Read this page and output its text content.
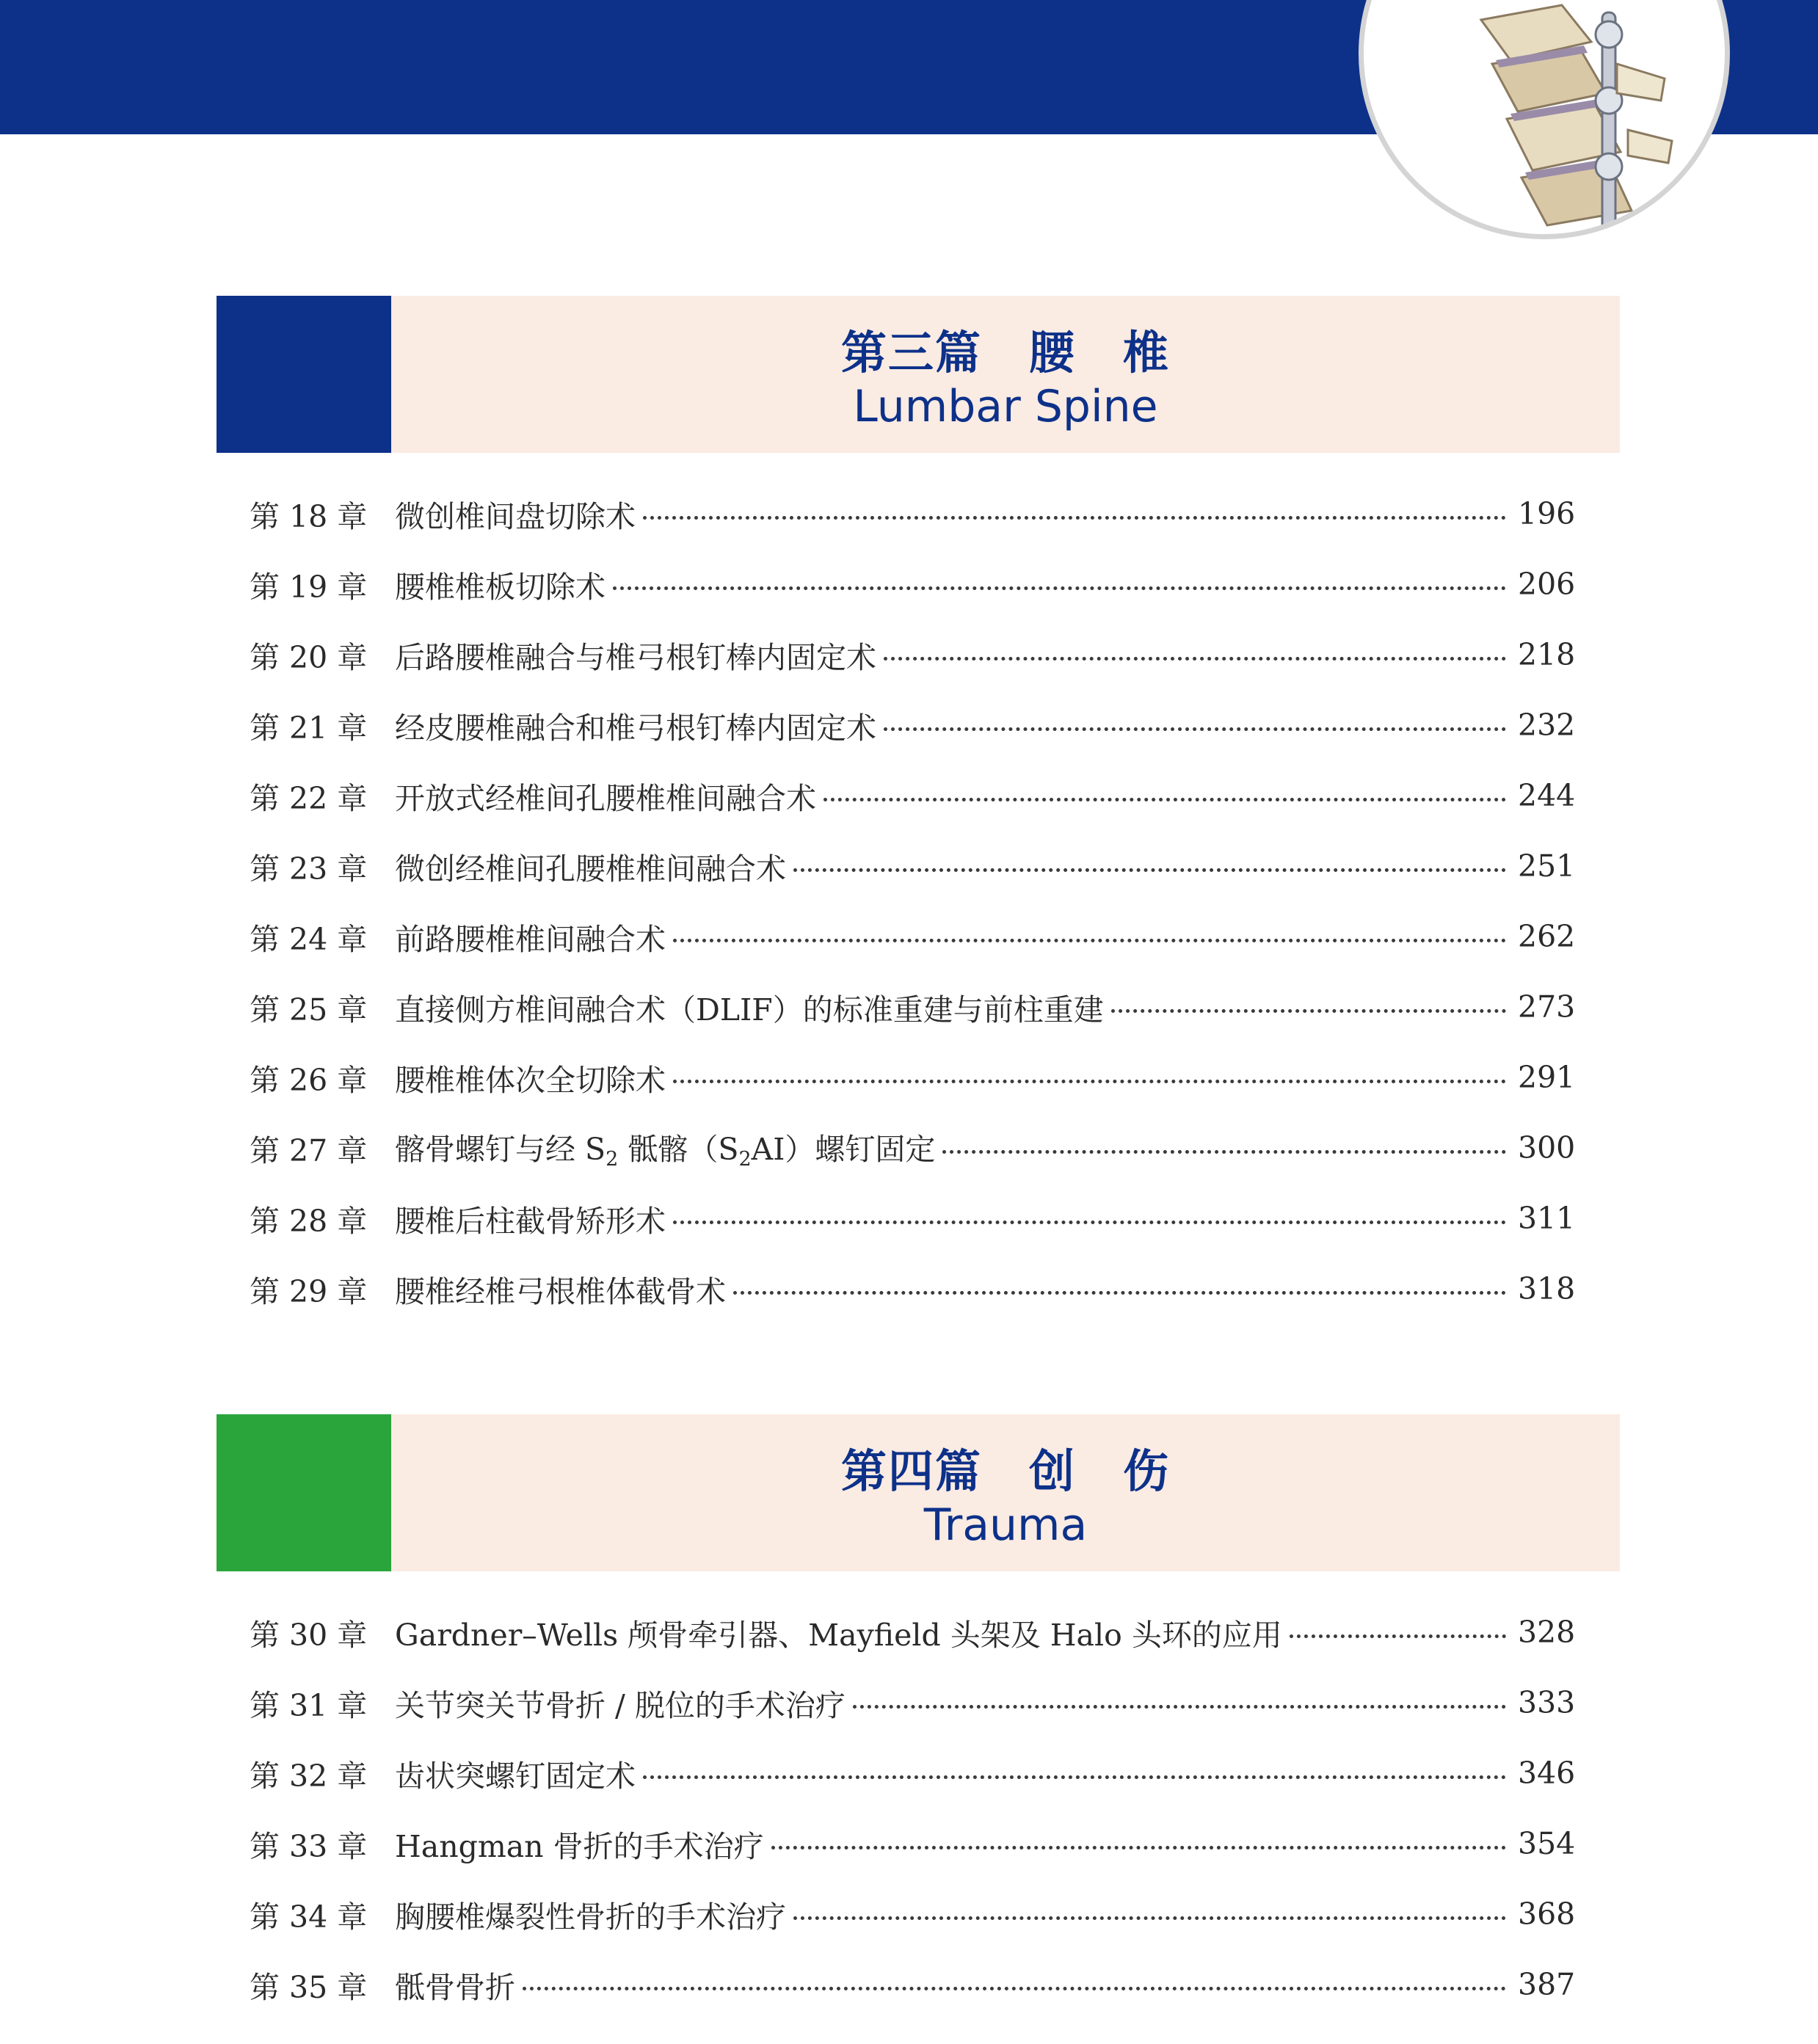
第三篇　腰　椎
Lumbar Spine
第 18 章 微创椎间盘切除术	196
第 19 章 腰椎椎板切除术	206
第 20 章 后路腰椎融合与椎弓根钉棒内固定术	218
第 21 章 经皮腰椎融合和椎弓根钉棒内固定术	232
第 22 章 开放式经椎间孔腰椎椎间融合术	244
第 23 章 微创经椎间孔腰椎椎间融合术	251
第 24 章 前路腰椎椎间融合术	262
第 25 章 直接侧方椎间融合术（DLIF）的标准重建与前柱重建	273
第 26 章 腰椎椎体次全切除术	291
第 27 章 髂骨螺钉与经 $S_2$ 骶髂$(S_2AI)$螺钉固定	300
第 28 章 腰椎后柱截骨矫形术	311
第 29 章 腰椎经椎弓根椎体截骨术	318
第四篇　创　伤
Trauma
第 30 章 Gardner–Wells 颅骨牵引器、Mayfield 头架及 Halo 头环的应用	328
第 31 章 关节突关节骨折 / 脱位的手术治疗	333
第 32 章 齿状突螺钉固定术	346
第 33 章 Hangman 骨折的手术治疗	354
第 34 章 胸腰椎爆裂性骨折的手术治疗	368
第 35 章 骶骨骨折	387
